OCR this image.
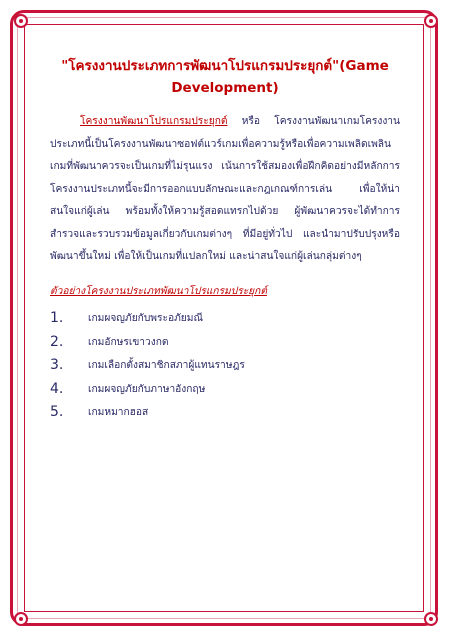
"โครงงานประเภทการพัฒนาโปรแกรมประยุกต์"(Game
Development)

โครงงานพัฒนาโปรแกรมประยุกต์ หรือ โครงงานพัฒนาเกมโครงงานประเภทนี้เป็นโครงงานพัฒนาซอฟต์แวร์เกมเพื่อความรู้หรือเพื่อความเพลิดเพลิน เกมที่พัฒนาควรจะเป็นเกมที่ไม่รุนแรง เน้นการใช้สมองเพื่อฝึกคิดอย่างมีหลักการ โครงงานประเภทนี้จะมีการออกแบบลักษณะและกฎเกณฑ์การเล่น เพื่อให้น่าสนใจแก่ผู้เล่น พร้อมทั้งให้ความรู้สอดแทรกไปด้วย ผู้พัฒนาควรจะได้ทำการสำรวจและรวบรวมข้อมูลเกี่ยวกับเกมต่างๆ ที่มีอยู่ทั่วไป และนำมาปรับปรุงหรือพัฒนาขึ้นใหม่ เพื่อให้เป็นเกมที่แปลกใหม่ และน่าสนใจแก่ผู้เล่นกลุ่มต่างๆ

ตัวอย่างโครงงานประเภทพัฒนาโปรแกรมประยุกต์
1.	เกมผจญภัยกับพระอภัยมณี
2.	เกมอักษรเขาวงกต
3.	เกมเลือกตั้งสมาชิกสภาผู้แทนราษฎร
4.	เกมผจญภัยกับภาษาอังกฤษ
5.	เกมหมากฮอส
